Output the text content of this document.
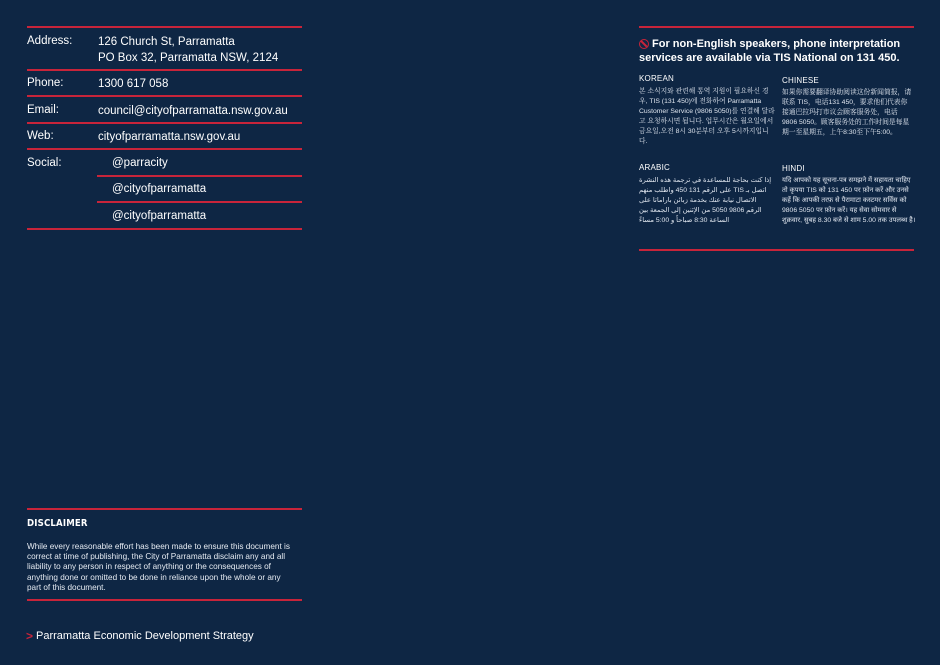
Address: 126 Church St, Parramatta
PO Box 32, Parramatta NSW, 2124
Phone:	1300 617 058
Email:	council@cityofparramatta.nsw.gov.au
Web:	cityofparramatta.nsw.gov.au
Social:	@parracity
@cityofparramatta
@cityofparramatta
DISCLAIMER
While every reasonable effort has been made to ensure this document is correct at time of publishing, the City of Parramatta disclaim any and all liability to any person in respect of anything or the consequences of anything done or omitted to be done in reliance upon the whole or any part of this document.
> Parramatta Economic Development Strategy
For non-English speakers, phone interpretation services are available via TIS National on 131 450.
KOREAN
본 소식지와 관련해 통역 지원이 필요하신 경우, TIS (131 450)에 전화하여 Parramatta Customer Service (9806 5050)를 연결해 달라고 요청하시면 됩니다. 업무시간은 월요일에서 금요일,오전 8시 30분부터 오후 5시까지입니다.
CHINESE
如果你需要翻译协助阅读这份新闻简报，请联系 TIS，电话131 450，要求他们代表你接通巴拉玛打市议会顾客服务处，电话 9806 5050。顾客服务处的工作时间是每星期一至星期五，上午8:30至下午5:00。
ARABIC
إذا كنت بحاجة للمساعدة في ترجمة هذه النشرة اتصل بـ TIS على الرقم 131 450 واطلب منهم الاتصال نيابة عنك بخدمة زبائن باراماتا على الرقم 9806 5050 من الإثنين إلى الجمعة بين الساعة 8:30 صباحاً و 5:00 مساءً
HINDI
यदि आपको यह सूचना-पत्र समझने में सहायता चाहिए तो कृपया TIS को 131 450 पर फ़ोन करें और उनसे कहें कि आपकी तरफ़ से पैरामाटा कस्टमर सर्विस को 9806 5050 पर फ़ोन करें। यह सेवा सोमवार से शुक्रवार, सुबह 8.30 बजे से शाम 5.00 तक उपलब्ध है।
